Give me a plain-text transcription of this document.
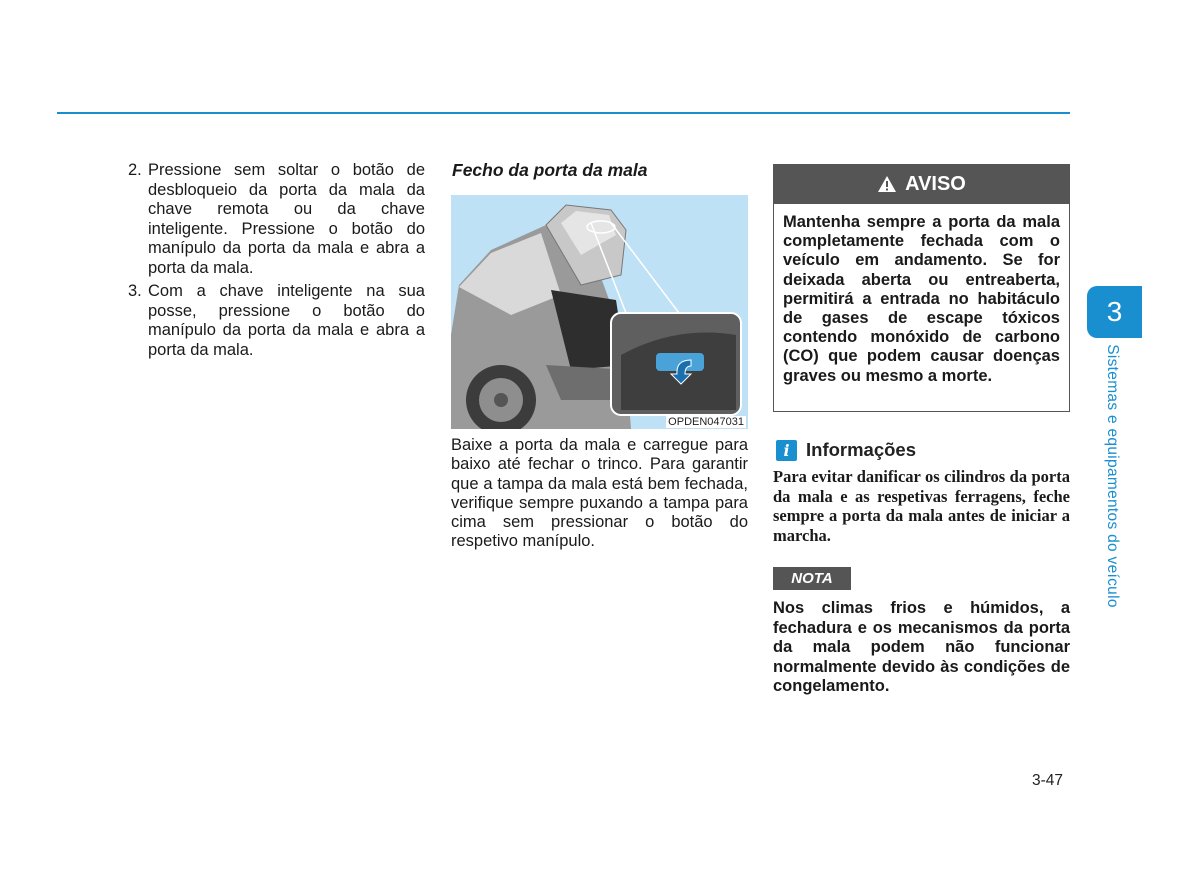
2. Pressione sem soltar o botão de desbloqueio da porta da mala da chave remota ou da chave inteligente. Pressione o botão do manípulo da porta da mala e abra a porta da mala.
3. Com a chave inteligente na sua posse, pressione o botão do manípulo da porta da mala e abra a porta da mala.
Fecho da porta da mala
OPDEN047031
Baixe a porta da mala e carregue para baixo até fechar o trinco. Para garantir que a tampa da mala está bem fechada, verifique sempre puxando a tampa para cima sem pressionar o botão do respetivo manípulo.
AVISO
Mantenha sempre a porta da mala completamente fechada com o veículo em andamento. Se for deixada aberta ou entreaberta, permitirá a entrada no habitáculo de gases de escape tóxicos contendo monóxido de carbono (CO) que podem causar doenças graves ou mesmo a morte.
i Informações
Para evitar danificar os cilindros da porta da mala e as respetivas ferragens, feche sempre a porta da mala antes de iniciar a marcha.
NOTA
Nos climas frios e húmidos, a fechadura e os mecanismos da porta da mala podem não funcionar normalmente devido às condições de congelamento.
3
Sistemas e equipamentos do veículo
3-47
